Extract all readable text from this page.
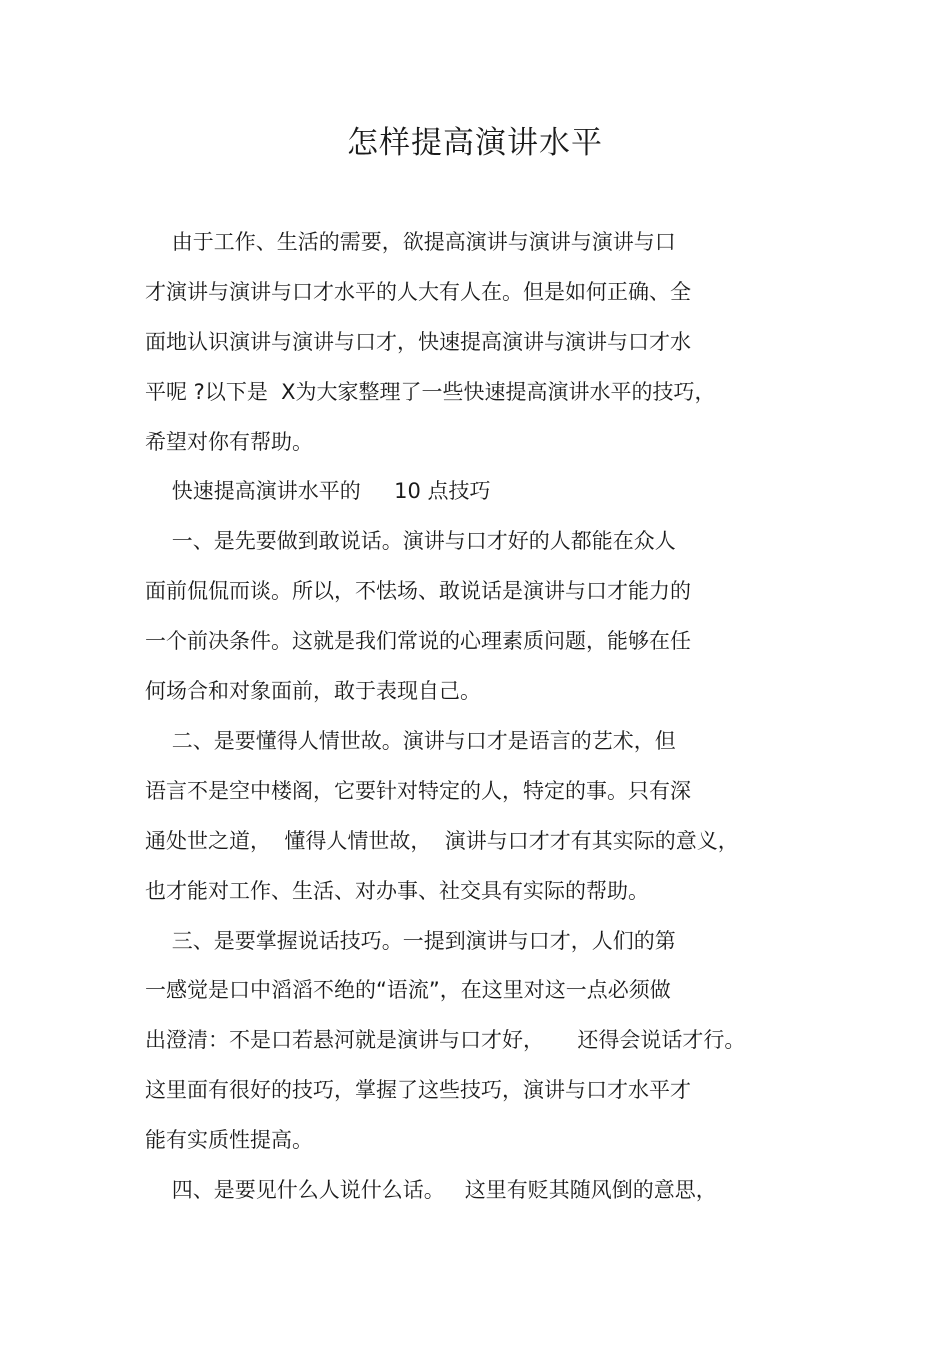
怎样提高演讲水平
由于工作、生活的需要，欲提高演讲与演讲与演讲与口
才演讲与演讲与口才水平的人大有人在。但是如何正确、全
面地认识演讲与演讲与口才，快速提高演讲与演讲与口才水
平呢 ?以下是  X为大家整理了一些快速提高演讲水平的技巧，
希望对你有帮助。
快速提高演讲水平的     10 点技巧
一、是先要做到敢说话。演讲与口才好的人都能在众人
面前侃侃而谈。所以，不怯场、敢说话是演讲与口才能力的
一个前决条件。这就是我们常说的心理素质问题，能够在任
何场合和对象面前，敢于表现自己。
二、是要懂得人情世故。演讲与口才是语言的艺术，但
语言不是空中楼阁，它要针对特定的人，特定的事。只有深
通处世之道，  懂得人情世故，  演讲与口才才有其实际的意义，
也才能对工作、生活、对办事、社交具有实际的帮助。
三、是要掌握说话技巧。一提到演讲与口才，人们的第
一感觉是口中滔滔不绝的“语流”，在这里对这一点必须做
出澄清：不是口若悬河就是演讲与口才好，     还得会说话才行。
这里面有很好的技巧，掌握了这些技巧，演讲与口才水平才
能有实质性提高。
四、是要见什么人说什么话。   这里有贬其随风倒的意思，
